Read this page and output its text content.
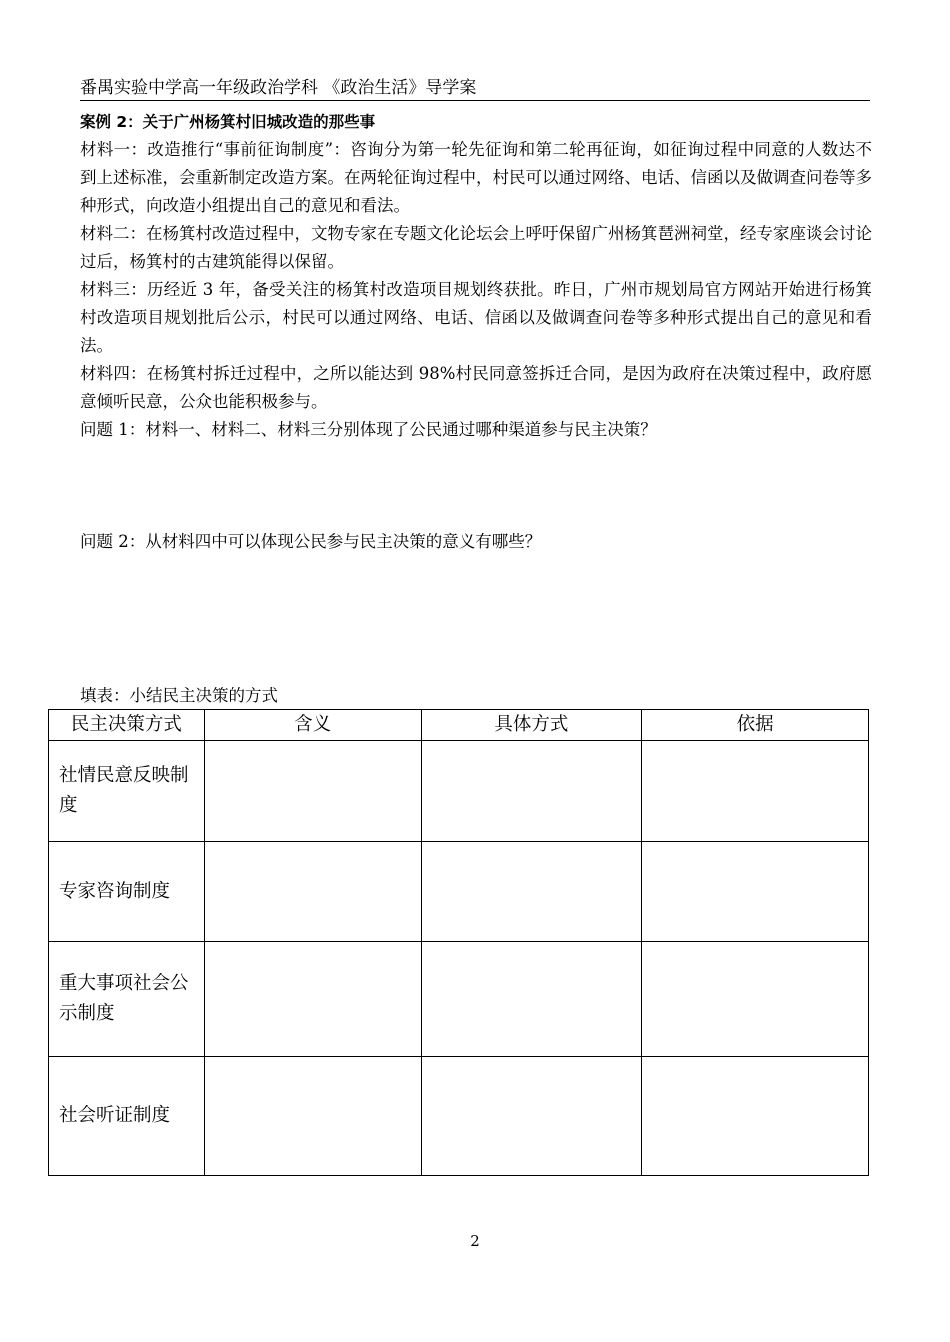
番禺实验中学高一年级政治学科 《政治生活》导学案

案例 2：关于广州杨箕村旧城改造的那些事

材料一：改造推行“事前征询制度”：咨询分为第一轮先征询和第二轮再征询，如征询过程中同意的人数达不到上述标准，会重新制定改造方案。在两轮征询过程中，村民可以通过网络、电话、信函以及做调查问卷等多种形式，向改造小组提出自己的意见和看法。

材料二：在杨箕村改造过程中，文物专家在专题文化论坛会上呼吁保留广州杨箕琶洲祠堂，经专家座谈会讨论过后，杨箕村的古建筑能得以保留。

材料三：历经近 3 年，备受关注的杨箕村改造项目规划终获批。昨日，广州市规划局官方网站开始进行杨箕村改造项目规划批后公示，村民可以通过网络、电话、信函以及做调查问卷等多种形式提出自己的意见和看法。

材料四：在杨箕村拆迁过程中，之所以能达到 98%村民同意签拆迁合同，是因为政府在决策过程中，政府愿意倾听民意，公众也能积极参与。

问题 1：材料一、材料二、材料三分别体现了公民通过哪种渠道参与民主决策？

问题 2：从材料四中可以体现公民参与民主决策的意义有哪些？

填表：小结民主决策的方式
民主决策方式	含义	具体方式	依据
社情民意反映制度			
专家咨询制度			
重大事项社会公示制度			
社会听证制度			
2
